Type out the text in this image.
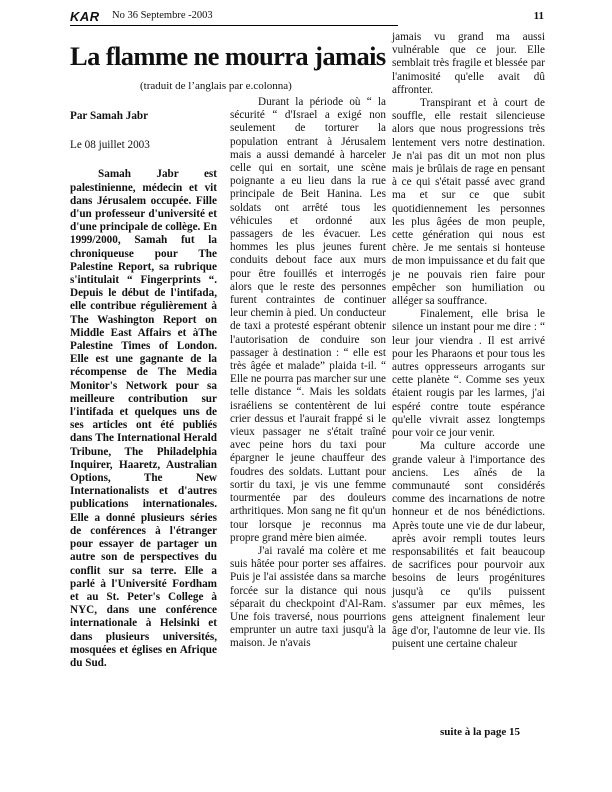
KAR No 36 Septembre -2003	11
La flamme ne mourra jamais
(traduit de l’anglais par e.colonna)

Par Samah Jabr

Le 08 juillet 2003

Samah Jabr est palestinienne, médecin et vit dans Jérusalem occupée. Fille d'un professeur d'université et d'une principale de collège. En 1999/2000, Samah fut la chroniqueuse pour The Palestine Report, sa rubrique s'intitulait “ Fingerprints “. Depuis le début de l'intifada, elle contribue régulièrement à The Washington Report on Middle East Affairs et àThe Palestine Times of London. Elle est une gagnante de la récompense de The Media Monitor's Network pour sa meilleure contribution sur l'intifada et quelques uns de ses articles ont été publiés dans The International Herald Tribune, The Philadelphia Inquirer, Haaretz, Australian Options, The New Internationalists et d'autres publications internationales. Elle a donné plusieurs séries de conférences à l'étranger pour essayer de partager un autre son de perspectives du conflit sur sa terre. Elle a parlé à l'Université Fordham et au St. Peter's College à NYC, dans une conférence internationale à Helsinki et dans plusieurs universités, mosquées et églises en Afrique du Sud.

Durant la période où “ la sécurité “ d'Israel a exigé non seulement de torturer la population entrant à Jérusalem mais a aussi demandé à harceler celle qui en sortait, une scène poignante a eu lieu dans la rue principale de Beit Hanina. Les soldats ont arrêté tous les véhicules et ordonné aux passagers de les évacuer. Les hommes les plus jeunes furent conduits debout face aux murs pour être fouillés et interrogés alors que le reste des personnes furent contraintes de continuer leur chemin à pied. Un conducteur de taxi a protesté espérant obtenir l'autorisation de conduire son passager à destination : “ elle est très âgée et malade” plaida t-il. “ Elle ne pourra pas marcher sur une telle distance “. Mais les soldats israéliens se contentèrent de lui crier dessus et l'aurait frappé si le vieux passager ne s'était traîné avec peine hors du taxi pour épargner le jeune chauffeur des foudres des soldats. Luttant pour sortir du taxi, je vis une femme tourmentée par des douleurs arthritiques. Mon sang ne fit qu'un tour lorsque je reconnus ma propre grand mère bien aimée.

J'ai ravalé ma colère et me suis hâtée pour porter ses affaires. Puis je l'ai assistée dans sa marche forcée sur la distance qui nous séparait du checkpoint d'Al-Ram. Une fois traversé, nous pourrions emprunter un autre taxi jusqu'à la maison. Je n'avais

jamais vu grand ma aussi vulnérable que ce jour. Elle semblait très fragile et blessée par l'animosité qu'elle avait dû affronter.

Transpirant et à court de souffle, elle restait silencieuse alors que nous progressions très lentement vers notre destination. Je n'ai pas dit un mot non plus mais je brûlais de rage en pensant à ce qui s'était passé avec grand ma et sur ce que subit quotidiennement les personnes les plus âgées de mon peuple, cette génération qui nous est chère. Je me sentais si honteuse de mon impuissance et du fait que je ne pouvais rien faire pour empêcher son humiliation ou alléger sa souffrance.

Finalement, elle brisa le silence un instant pour me dire : “ leur jour viendra . Il est arrivé pour les Pharaons et pour tous les autres oppresseurs arrogants sur cette planète “. Comme ses yeux étaient rougis par les larmes, j'ai espéré contre toute espérance qu'elle vivrait assez longtemps pour voir ce jour venir.

Ma culture accorde une grande valeur à l'importance des anciens. Les aînés de la communauté sont considérés comme des incarnations de notre honneur et de nos bénédictions. Après toute une vie de dur labeur, après avoir rempli toutes leurs responsabilités et fait beaucoup de sacrifices pour pourvoir aux besoins de leurs progénitures jusqu'à ce qu'ils puissent s'assumer par eux mêmes, les gens atteignent finalement leur âge d'or, l'automne de leur vie. Ils puisent une certaine chaleur

suite à la page 15
